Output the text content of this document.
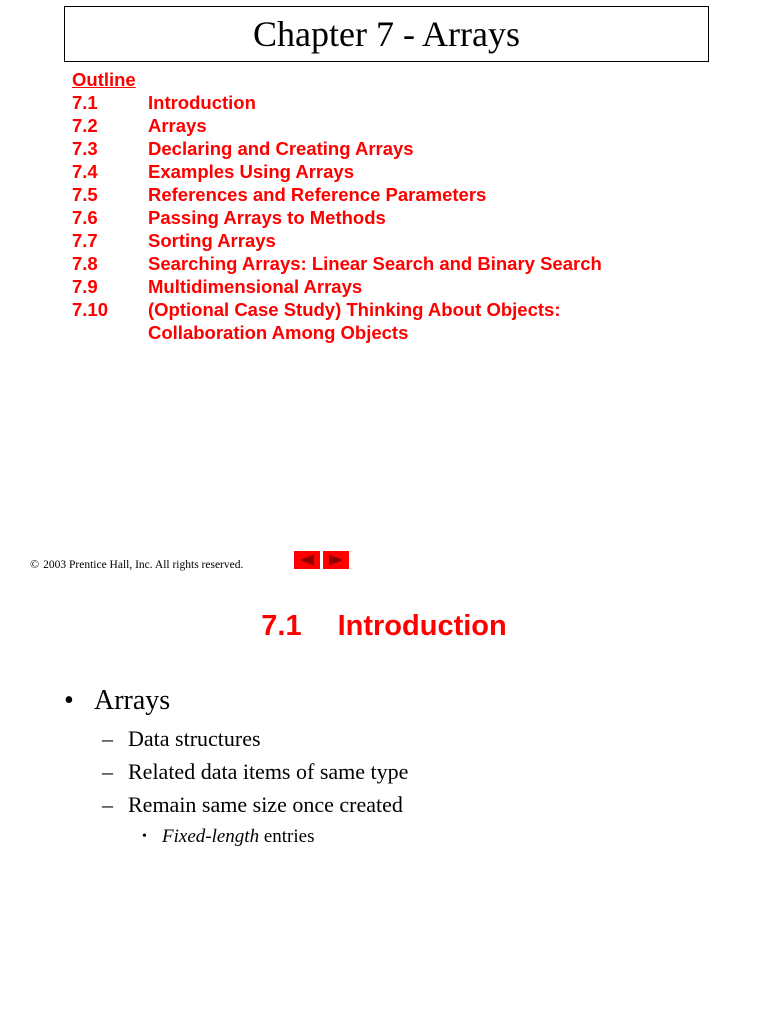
Chapter 7 - Arrays
Outline
7.1	Introduction
7.2	Arrays
7.3	Declaring and Creating Arrays
7.4	Examples Using Arrays
7.5	References and Reference Parameters
7.6	Passing Arrays to Methods
7.7	Sorting Arrays
7.8	Searching Arrays: Linear Search and Binary Search
7.9	Multidimensional Arrays
7.10	(Optional Case Study) Thinking About Objects:
Collaboration Among Objects
© 2003 Prentice Hall, Inc. All rights reserved.
7.1 Introduction
• Arrays
– Data structures
– Related data items of same type
– Remain same size once created
• Fixed-length entries
